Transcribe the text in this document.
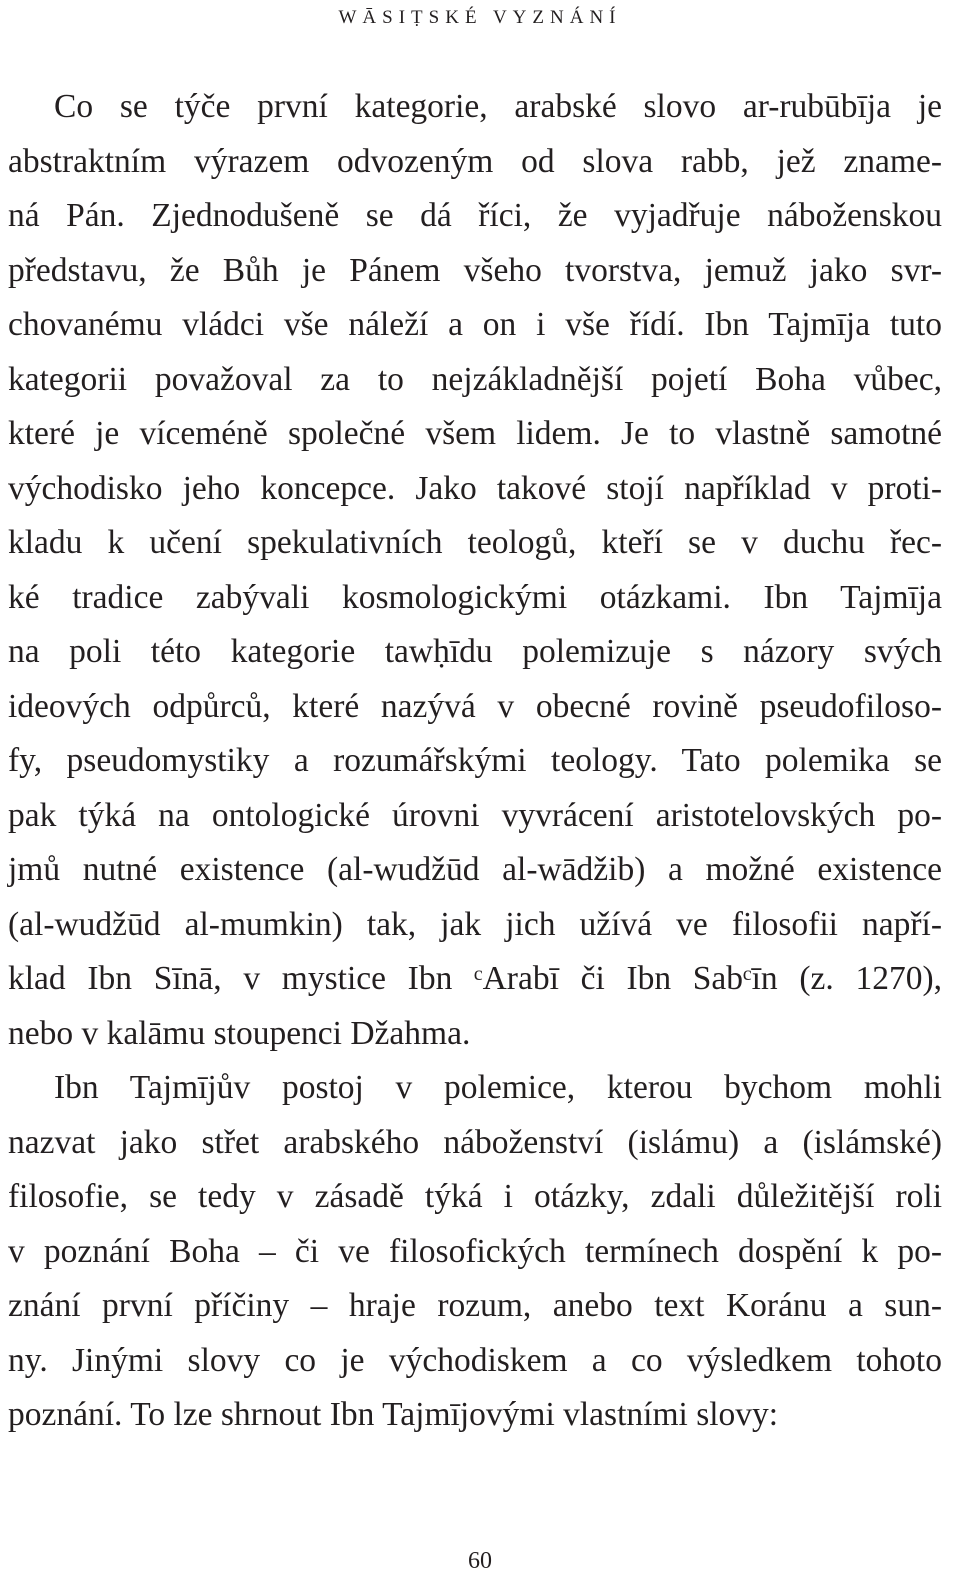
WĀSIṬSKÉ VYZNÁNÍ

Co se týče první kategorie, arabské slovo ar-rubūbīja je
abstraktním výrazem odvozeným od slova rabb, jež zname-
ná Pán. Zjednodušeně se dá říci, že vyjadřuje náboženskou
představu, že Bůh je Pánem všeho tvorstva, jemuž jako svr-
chovanému vládci vše náleží a on i vše řídí. Ibn Tajmīja tuto
kategorii považoval za to nejzákladnější pojetí Boha vůbec,
které je víceméně společné všem lidem. Je to vlastně samotné
východisko jeho koncepce. Jako takové stojí například v proti-
kladu k učení spekulativních teologů, kteří se v duchu řec-
ké tradice zabývali kosmologickými otázkami. Ibn Tajmīja
na poli této kategorie tawḥīdu polemizuje s názory svých
ideových odpůrců, které nazývá v obecné rovině pseudofiloso-
fy, pseudomystiky a rozumářskými teology. Tato polemika se
pak týká na ontologické úrovni vyvrácení aristotelovských po-
jmů nutné existence (al-wudžūd al-wādžib) a možné existence
(al-wudžūd al-mumkin) tak, jak jich užívá ve filosofii napří-
klad Ibn Sīnā, v mystice Ibn ᶜArabī či Ibn Sabᶜīn (z. 1270),
nebo v kalāmu stoupenci Džahma.

Ibn Tajmījův postoj v polemice, kterou bychom mohli
nazvat jako střet arabského náboženství (islámu) a (islámské)
filosofie, se tedy v zásadě týká i otázky, zdali důležitější roli
v poznání Boha – či ve filosofických termínech dospění k po-
znání první příčiny – hraje rozum, anebo text Koránu a sun-
ny. Jinými slovy co je východiskem a co výsledkem tohoto
poznání. To lze shrnout Ibn Tajmījovými vlastními slovy:

60
